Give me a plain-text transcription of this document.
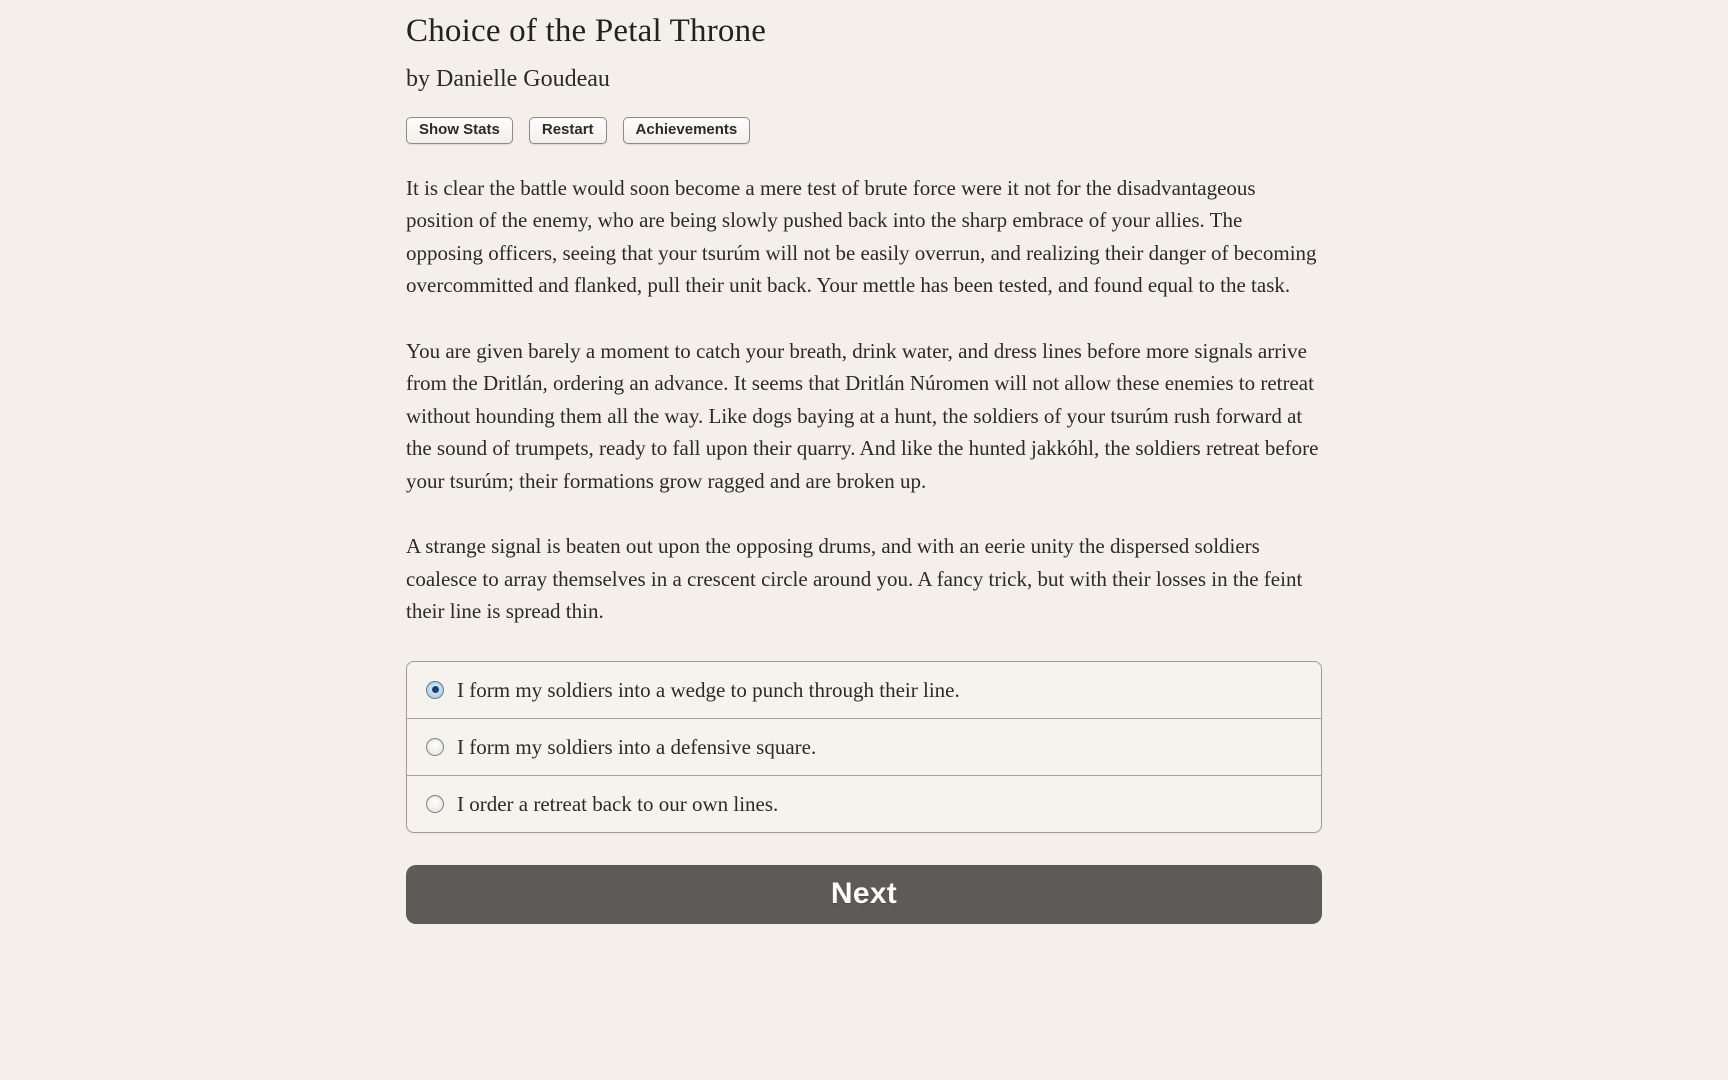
Choice of the Petal Throne
by Danielle Goudeau
Show Stats	Restart	Achievements

It is clear the battle would soon become a mere test of brute force were it not for the disadvantageous position of the enemy, who are being slowly pushed back into the sharp embrace of your allies. The opposing officers, seeing that your tsurúm will not be easily overrun, and realizing their danger of becoming overcommitted and flanked, pull their unit back. Your mettle has been tested, and found equal to the task.

You are given barely a moment to catch your breath, drink water, and dress lines before more signals arrive from the Dritlán, ordering an advance. It seems that Dritlán Núromen will not allow these enemies to retreat without hounding them all the way. Like dogs baying at a hunt, the soldiers of your tsurúm rush forward at the sound of trumpets, ready to fall upon their quarry. And like the hunted jakkóhl, the soldiers retreat before your tsurúm; their formations grow ragged and are broken up.

A strange signal is beaten out upon the opposing drums, and with an eerie unity the dispersed soldiers coalesce to array themselves in a crescent circle around you. A fancy trick, but with their losses in the feint their line is spread thin.

I form my soldiers into a wedge to punch through their line.
I form my soldiers into a defensive square.
I order a retreat back to our own lines.
Next
